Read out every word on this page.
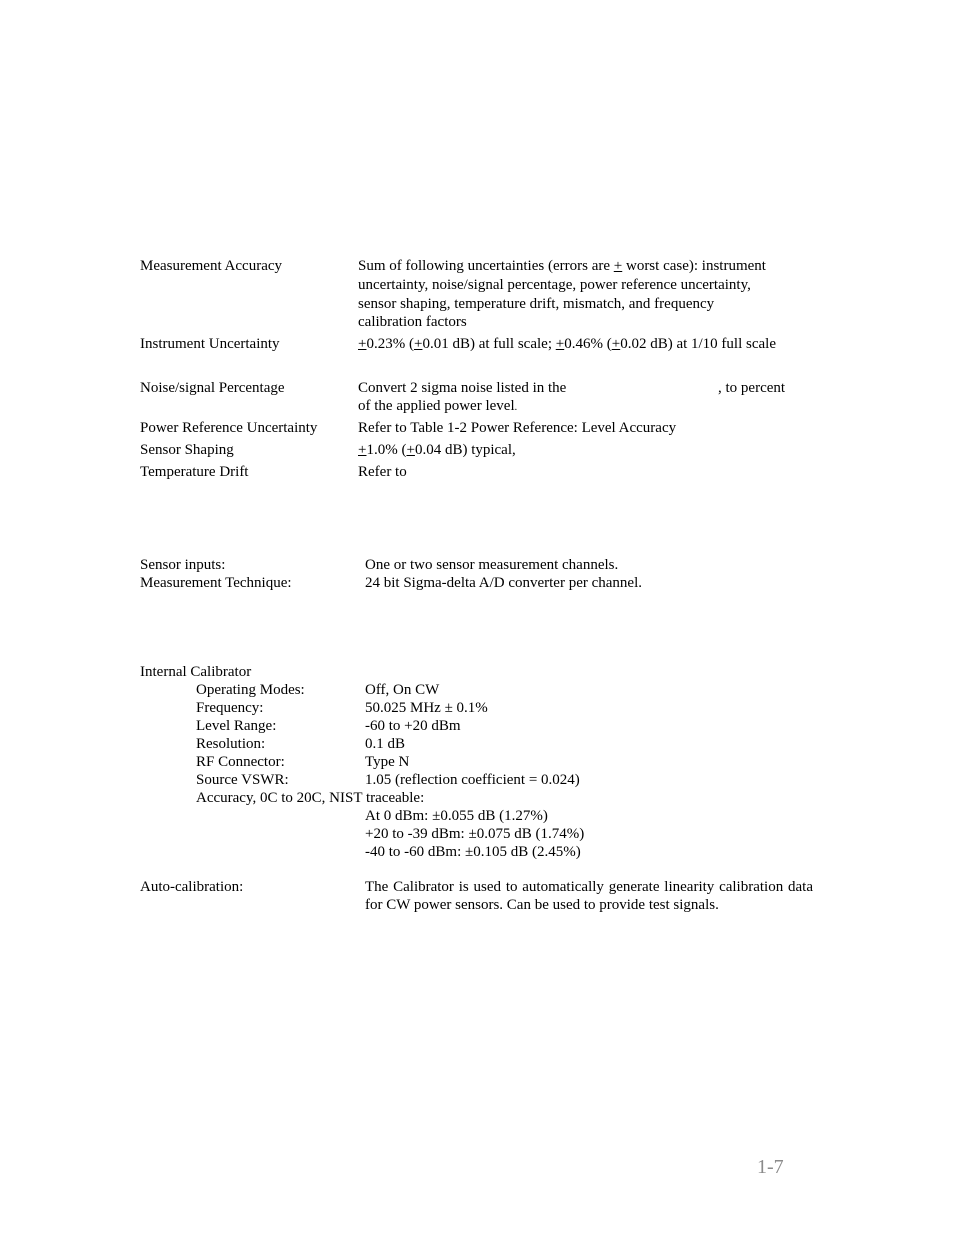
Measurement Accuracy	Sum of following uncertainties (errors are + worst case): instrument
uncertainty, noise/signal percentage, power reference uncertainty,
sensor shaping, temperature drift, mismatch, and frequency
calibration factors
Instrument Uncertainty	+0.23% (+0.01 dB) at full scale; +0.46% (+0.02 dB) at 1/10 full scale
Noise/signal Percentage	Convert 2 sigma noise listed in the	, to percent
of the applied power level.
Power Reference Uncertainty	Refer to Table 1-2 Power Reference: Level Accuracy
Sensor Shaping	+1.0% (+0.04 dB) typical,
Temperature Drift	Refer to
Sensor inputs:	One or two sensor measurement channels.
Measurement Technique:	24 bit Sigma-delta A/D converter per channel.
Internal Calibrator
Operating Modes:	Off, On CW
Frequency:	50.025 MHz ± 0.1%
Level Range:	-60 to +20 dBm
Resolution:	0.1 dB
RF Connector:	Type N
Source VSWR:	1.05 (reflection coefficient = 0.024)
Accuracy, 0C to 20C, NIST traceable:
At 0 dBm: ±0.055 dB (1.27%)
+20 to -39 dBm: ±0.075 dB (1.74%)
-40 to -60 dBm: ±0.105 dB (2.45%)
Auto-calibration:	The Calibrator is used to automatically generate linearity calibration data for CW power sensors. Can be used to provide test signals.
1-7
